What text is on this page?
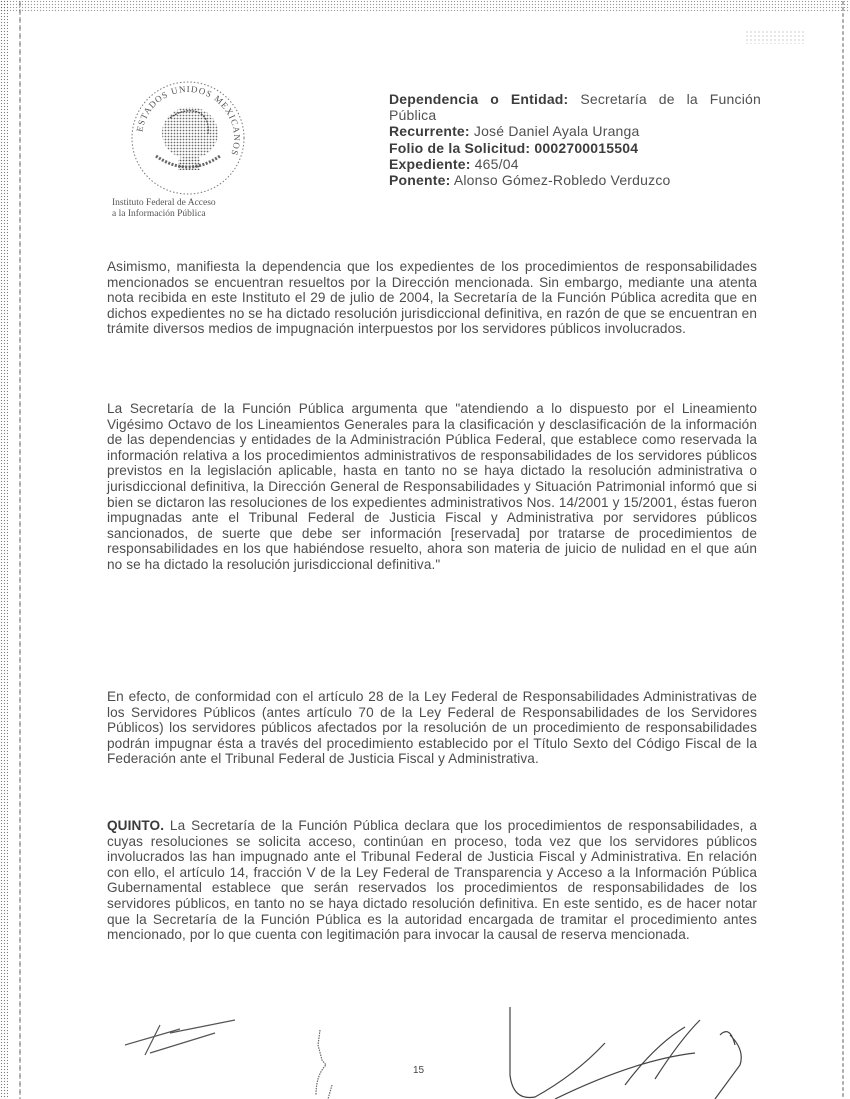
ESTADOS UNIDOS MEXICANOS
Instituto Federal de Acceso
a la Información Pública
Dependencia o Entidad: Secretaría de la Función Pública
Recurrente: José Daniel Ayala Uranga
Folio de la Solicitud: 0002700015504
Expediente: 465/04
Ponente: Alonso Gómez-Robledo Verduzco
Asimismo, manifiesta la dependencia que los expedientes de los procedimientos de responsabilidades mencionados se encuentran resueltos por la Dirección mencionada. Sin embargo, mediante una atenta nota recibida en este Instituto el 29 de julio de 2004, la Secretaría de la Función Pública acredita que en dichos expedientes no se ha dictado resolución jurisdiccional definitiva, en razón de que se encuentran en trámite diversos medios de impugnación interpuestos por los servidores públicos involucrados.
La Secretaría de la Función Pública argumenta que "atendiendo a lo dispuesto por el Lineamiento Vigésimo Octavo de los Lineamientos Generales para la clasificación y desclasificación de la información de las dependencias y entidades de la Administración Pública Federal, que establece como reservada la información relativa a los procedimientos administrativos de responsabilidades de los servidores públicos previstos en la legislación aplicable, hasta en tanto no se haya dictado la resolución administrativa o jurisdiccional definitiva, la Dirección General de Responsabilidades y Situación Patrimonial informó que si bien se dictaron las resoluciones de los expedientes administrativos Nos. 14/2001 y 15/2001, éstas fueron impugnadas ante el Tribunal Federal de Justicia Fiscal y Administrativa por servidores públicos sancionados, de suerte que debe ser información [reservada] por tratarse de procedimientos de responsabilidades en los que habiéndose resuelto, ahora son materia de juicio de nulidad en el que aún no se ha dictado la resolución jurisdiccional definitiva."
En efecto, de conformidad con el artículo 28 de la Ley Federal de Responsabilidades Administrativas de los Servidores Públicos (antes artículo 70 de la Ley Federal de Responsabilidades de los Servidores Públicos) los servidores públicos afectados por la resolución de un procedimiento de responsabilidades podrán impugnar ésta a través del procedimiento establecido por el Título Sexto del Código Fiscal de la Federación ante el Tribunal Federal de Justicia Fiscal y Administrativa.
QUINTO. La Secretaría de la Función Pública declara que los procedimientos de responsabilidades, a cuyas resoluciones se solicita acceso, continúan en proceso, toda vez que los servidores públicos involucrados las han impugnado ante el Tribunal Federal de Justicia Fiscal y Administrativa. En relación con ello, el artículo 14, fracción V de la Ley Federal de Transparencia y Acceso a la Información Pública Gubernamental establece que serán reservados los procedimientos de responsabilidades de los servidores públicos, en tanto no se haya dictado resolución definitiva. En este sentido, es de hacer notar que la Secretaría de la Función Pública es la autoridad encargada de tramitar el procedimiento antes mencionado, por lo que cuenta con legitimación para invocar la causal de reserva mencionada.
15
